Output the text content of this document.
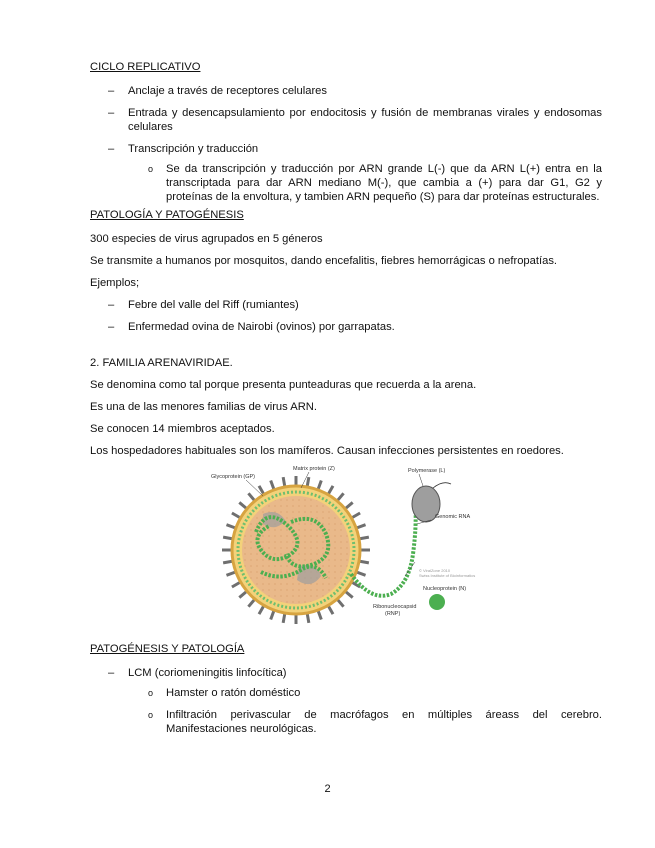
CICLO REPLICATIVO
– Anclaje a través de receptores celulares
– Entrada y desencapsulamiento por endocitosis y fusión de membranas virales y endosomas celulares
– Transcripción y traducción
o Se da transcripción y traducción por ARN grande L(-) que da ARN L(+) entra en la transcriptada para dar ARN mediano M(-), que cambia a (+) para dar G1, G2 y proteínas de la envoltura, y tambien ARN pequeño (S) para dar proteínas estructurales.
PATOLOGÍA Y PATOGÉNESIS
300 especies de virus agrupados en 5 géneros
Se transmite a humanos por mosquitos, dando encefalitis, fiebres hemorrágicas o nefropatías.
Ejemplos;
– Febre del valle del Riff (rumiantes)
– Enfermedad ovina de Nairobi (ovinos) por garrapatas.
2. FAMILIA ARENAVIRIDAE.
Se denomina como tal porque presenta punteaduras que recuerda a la arena.
Es una de las menores familias de virus ARN.
Se conocen 14 miembros aceptados.
Los hospedadores habituales son los mamíferos. Causan infecciones persistentes en roedores.
Glycoprotein (GP)
Matrix protein (Z)	Polymerase (L)
Genomic RNA
Nucleoprotein (N)
Ribonucleocapsid
(RNP)
© ViralZone 2010
Swiss Institute of Bioinformatics
PATOGÉNESIS Y PATOLOGÍA
– LCM (coriomeningitis linfocítica)
o Hamster o ratón doméstico
o Infiltración perivascular de macrófagos en múltiples áreass del cerebro. Manifestaciones neurológicas.
2
